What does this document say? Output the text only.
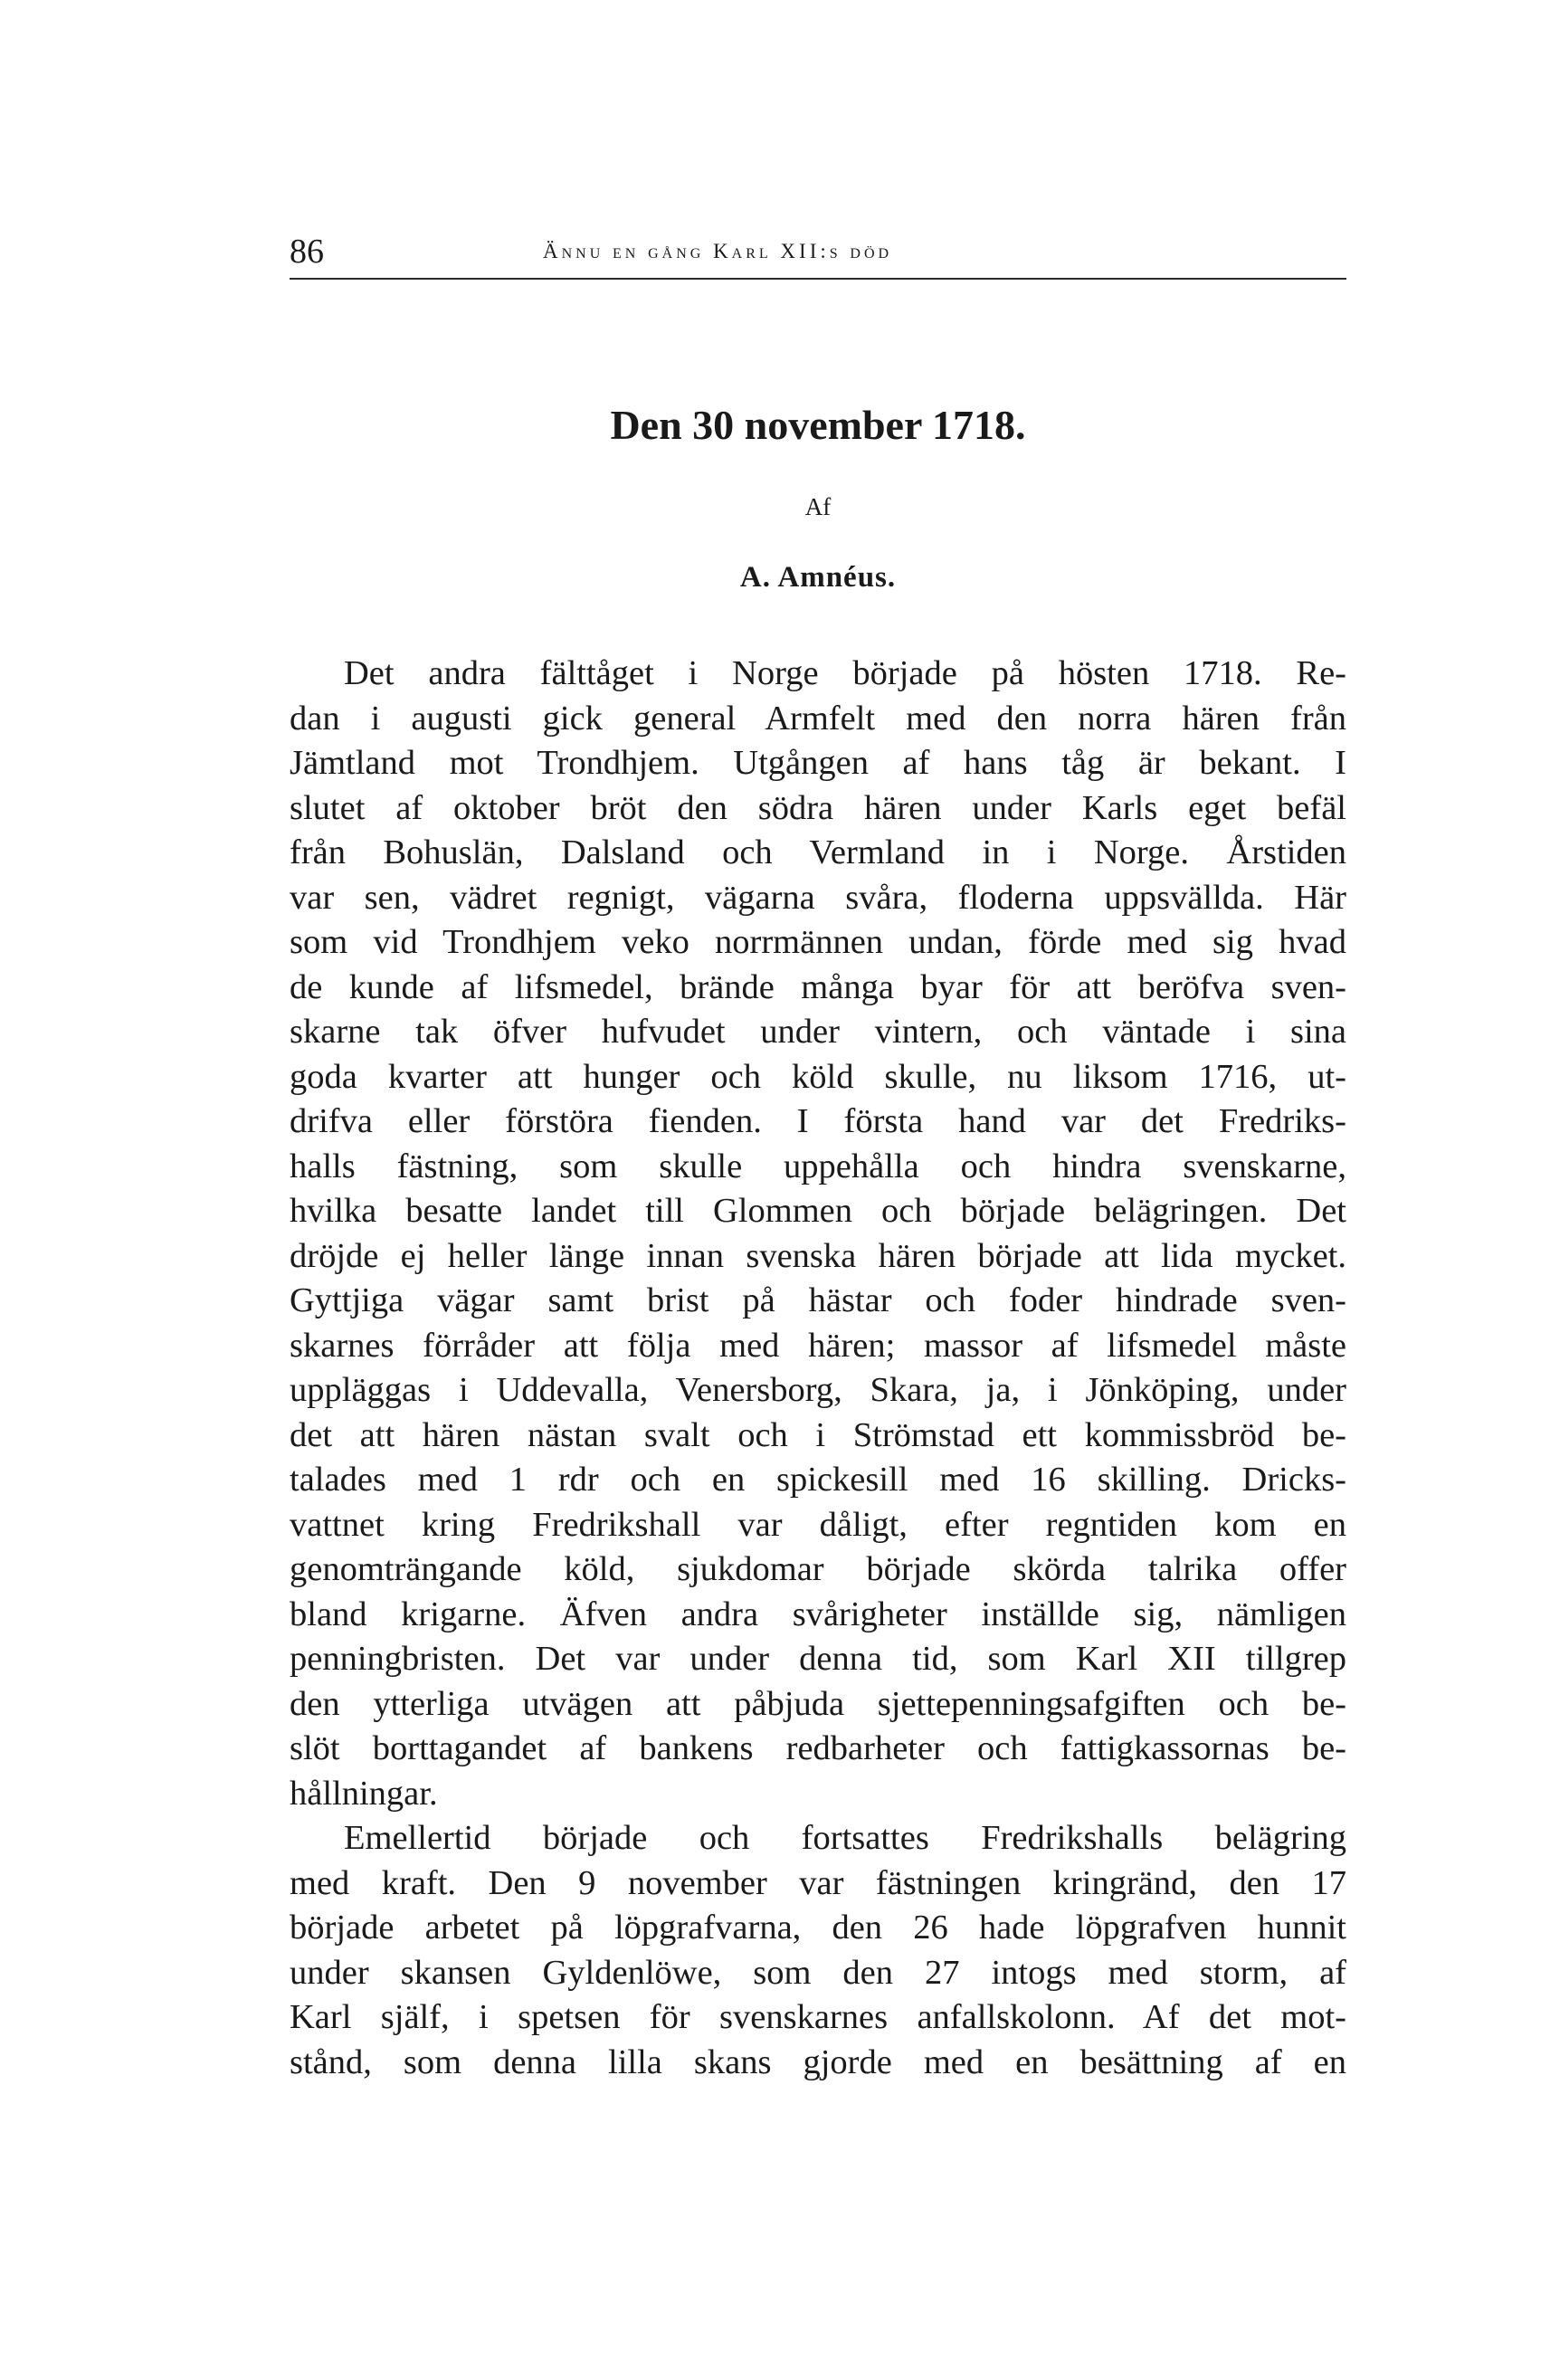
86	Ännu en gång Karl XII:s död
Den 30 november 1718.
Af
A. Amnéus.

Det andra fälttåget i Norge började på hösten 1718. Re-
dan i augusti gick general Armfelt med den norra hären från
Jämtland mot Trondhjem. Utgången af hans tåg är bekant. I
slutet af oktober bröt den södra hären under Karls eget befäl
från Bohuslän, Dalsland och Vermland in i Norge. Årstiden
var sen, vädret regnigt, vägarna svåra, floderna uppsvällda. Här
som vid Trondhjem veko norrmännen undan, förde med sig hvad
de kunde af lifsmedel, brände många byar för att beröfva sven-
skarne tak öfver hufvudet under vintern, och väntade i sina
goda kvarter att hunger och köld skulle, nu liksom 1716, ut-
drifva eller förstöra fienden. I första hand var det Fredriks-
halls fästning, som skulle uppehålla och hindra svenskarne,
hvilka besatte landet till Glommen och började belägringen. Det
dröjde ej heller länge innan svenska hären började att lida mycket.
Gyttjiga vägar samt brist på hästar och foder hindrade sven-
skarnes förråder att följa med hären; massor af lifsmedel måste
uppläggas i Uddevalla, Venersborg, Skara, ja, i Jönköping, under
det att hären nästan svalt och i Strömstad ett kommissbröd be-
talades med 1 rdr och en spickesill med 16 skilling. Dricks-
vattnet kring Fredrikshall var dåligt, efter regntiden kom en
genomträngande köld, sjukdomar började skörda talrika offer
bland krigarne. Äfven andra svårigheter inställde sig, nämligen
penningbristen. Det var under denna tid, som Karl XII tillgrep
den ytterliga utvägen att påbjuda sjettepenningsafgiften och be-
slöt borttagandet af bankens redbarheter och fattigkassornas be-
hållningar.

Emellertid började och fortsattes Fredrikshalls belägring
med kraft. Den 9 november var fästningen kringränd, den 17
började arbetet på löpgrafvarna, den 26 hade löpgrafven hunnit
under skansen Gyldenlöwe, som den 27 intogs med storm, af
Karl själf, i spetsen för svenskarnes anfallskolonn. Af det mot-
stånd, som denna lilla skans gjorde med en besättning af en
